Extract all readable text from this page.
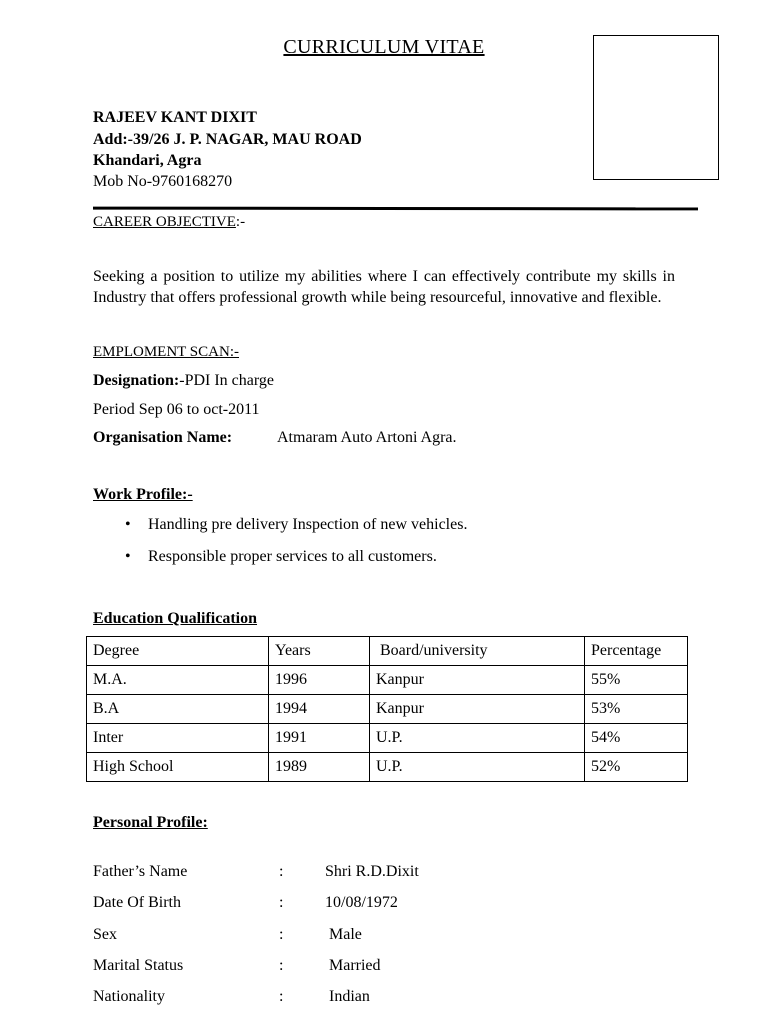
CURRICULUM VITAE
RAJEEV KANT DIXIT
Add:-39/26 J. P. NAGAR, MAU ROAD
Khandari, Agra
Mob No-9760168270
CAREER OBJECTIVE:-
Seeking a position to utilize my abilities where I can effectively contribute my skills in Industry that offers professional growth while being resourceful, innovative and flexible.
EMPLOMENT SCAN:-
Designation:-PDI In charge
Period Sep 06 to oct-2011
Organisation Name:	Atmaram Auto Artoni Agra.
Work Profile:-
• Handling pre delivery Inspection of new vehicles.
• Responsible proper services to all customers.
Education Qualification
Degree	Years	Board/university	Percentage
M.A.	1996	Kanpur	55%
B.A	1994	Kanpur	53%
Inter	1991	U.P.	54%
High School	1989	U.P.	52%
Personal Profile:
Father’s Name	:	Shri R.D.Dixit
Date Of Birth	:	10/08/1972
Sex	:	Male
Marital Status	:	Married
Nationality	:	Indian
